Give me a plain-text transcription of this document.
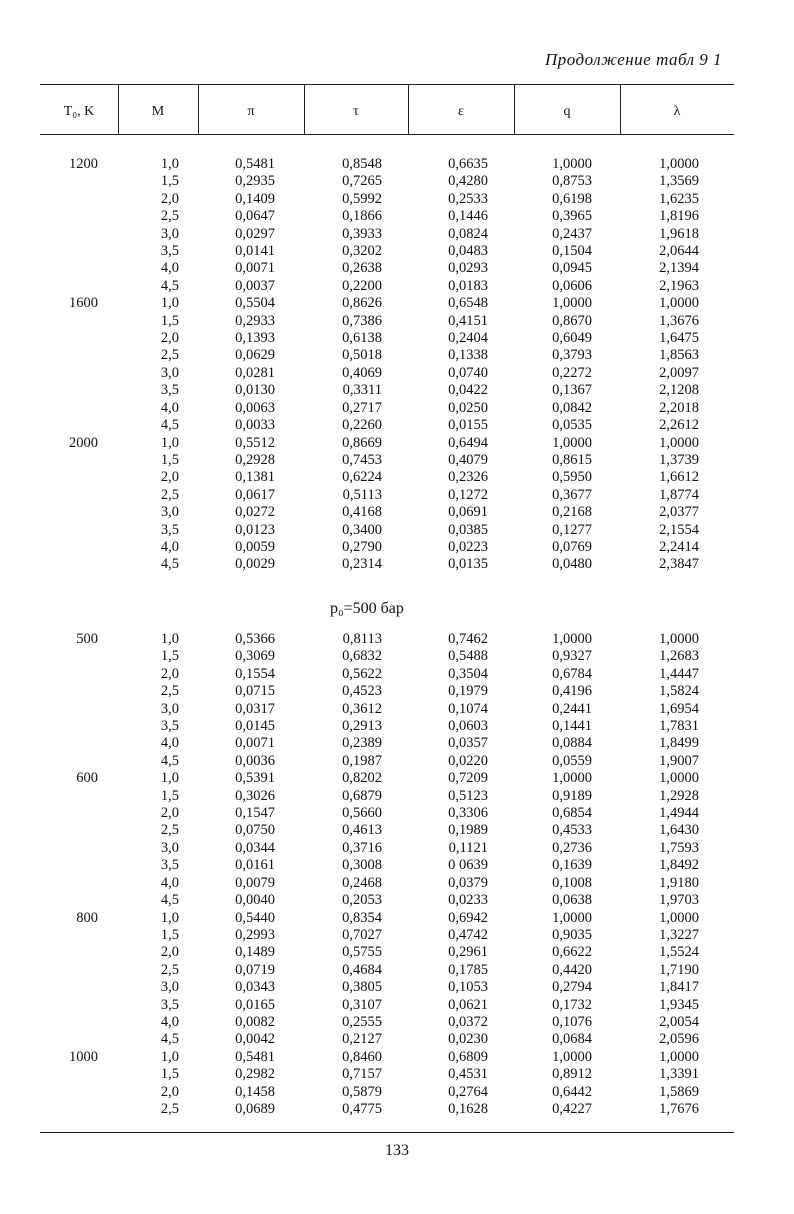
Продолжение табл 9 1
T₀, K	M	π	τ	ε	q	λ
1200	1,0	0,5481	0,8548	0,6635	1,0000	1,0000
	1,5	0,2935	0,7265	0,4280	0,8753	1,3569
	2,0	0,1409	0,5992	0,2533	0,6198	1,6235
	2,5	0,0647	0,1866	0,1446	0,3965	1,8196
	3,0	0,0297	0,3933	0,0824	0,2437	1,9618
	3,5	0,0141	0,3202	0,0483	0,1504	2,0644
	4,0	0,0071	0,2638	0,0293	0,0945	2,1394
	4,5	0,0037	0,2200	0,0183	0,0606	2,1963
1600	1,0	0,5504	0,8626	0,6548	1,0000	1,0000
	1,5	0,2933	0,7386	0,4151	0,8670	1,3676
	2,0	0,1393	0,6138	0,2404	0,6049	1,6475
	2,5	0,0629	0,5018	0,1338	0,3793	1,8563
	3,0	0,0281	0,4069	0,0740	0,2272	2,0097
	3,5	0,0130	0,3311	0,0422	0,1367	2,1208
	4,0	0,0063	0,2717	0,0250	0,0842	2,2018
	4,5	0,0033	0,2260	0,0155	0,0535	2,2612
2000	1,0	0,5512	0,8669	0,6494	1,0000	1,0000
	1,5	0,2928	0,7453	0,4079	0,8615	1,3739
	2,0	0,1381	0,6224	0,2326	0,5950	1,6612
	2,5	0,0617	0,5113	0,1272	0,3677	1,8774
	3,0	0,0272	0,4168	0,0691	0,2168	2,0377
	3,5	0,0123	0,3400	0,0385	0,1277	2,1554
	4,0	0,0059	0,2790	0,0223	0,0769	2,2414
	4,5	0,0029	0,2314	0,0135	0,0480	2,3847
p₀=500 бар
500	1,0	0,5366	0,8113	0,7462	1,0000	1,0000
	1,5	0,3069	0,6832	0,5488	0,9327	1,2683
	2,0	0,1554	0,5622	0,3504	0,6784	1,4447
	2,5	0,0715	0,4523	0,1979	0,4196	1,5824
	3,0	0,0317	0,3612	0,1074	0,2441	1,6954
	3,5	0,0145	0,2913	0,0603	0,1441	1,7831
	4,0	0,0071	0,2389	0,0357	0,0884	1,8499
	4,5	0,0036	0,1987	0,0220	0,0559	1,9007
600	1,0	0,5391	0,8202	0,7209	1,0000	1,0000
	1,5	0,3026	0,6879	0,5123	0,9189	1,2928
	2,0	0,1547	0,5660	0,3306	0,6854	1,4944
	2,5	0,0750	0,4613	0,1989	0,4533	1,6430
	3,0	0,0344	0,3716	0,1121	0,2736	1,7593
	3,5	0,0161	0,3008	0 0639	0,1639	1,8492
	4,0	0,0079	0,2468	0,0379	0,1008	1,9180
	4,5	0,0040	0,2053	0,0233	0,0638	1,9703
800	1,0	0,5440	0,8354	0,6942	1,0000	1,0000
	1,5	0,2993	0,7027	0,4742	0,9035	1,3227
	2,0	0,1489	0,5755	0,2961	0,6622	1,5524
	2,5	0,0719	0,4684	0,1785	0,4420	1,7190
	3,0	0,0343	0,3805	0,1053	0,2794	1,8417
	3,5	0,0165	0,3107	0,0621	0,1732	1,9345
	4,0	0,0082	0,2555	0,0372	0,1076	2,0054
	4,5	0,0042	0,2127	0,0230	0,0684	2,0596
1000	1,0	0,5481	0,8460	0,6809	1,0000	1,0000
	1,5	0,2982	0,7157	0,4531	0,8912	1,3391
	2,0	0,1458	0,5879	0,2764	0,6442	1,5869
	2,5	0,0689	0,4775	0,1628	0,4227	1,7676
133
